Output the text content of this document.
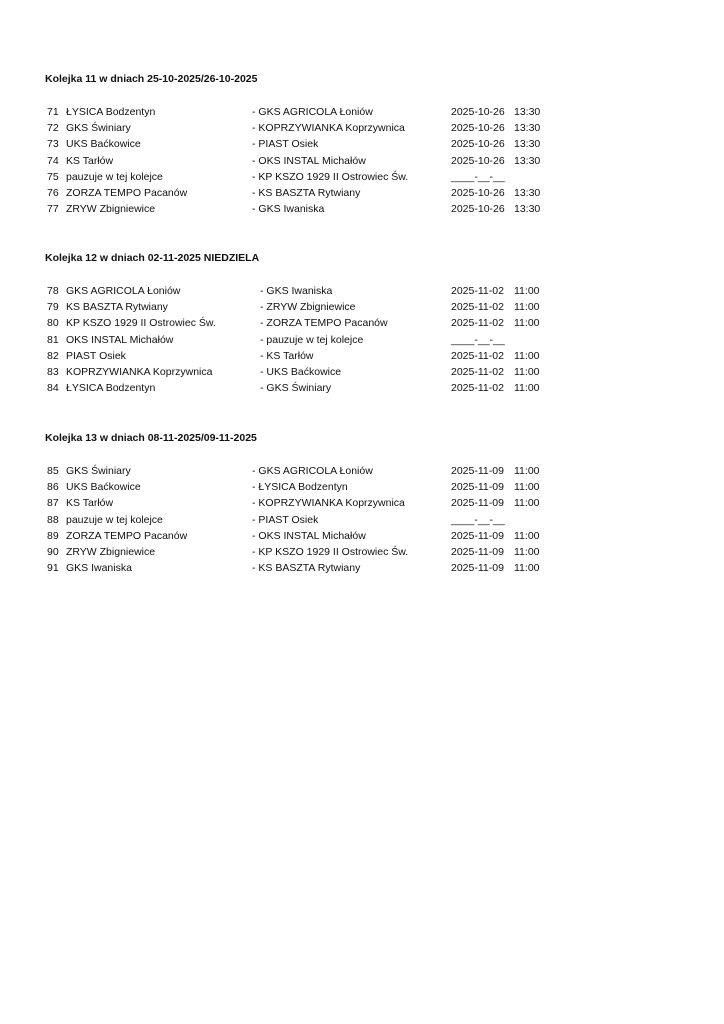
Kolejka 11 w dniach 25-10-2025/26-10-2025
71 ŁYSICA Bodzentyn	- GKS AGRICOLA Łoniów	2025-10-26 13:30
72 GKS Świniary	- KOPRZYWIANKA Koprzywnica	2025-10-26 13:30
73 UKS Baćkowice	- PIAST Osiek	2025-10-26 13:30
74 KS Tarłów	- OKS INSTAL Michałów	2025-10-26 13:30
75 pauzuje w tej kolejce	- KP KSZO 1929 II Ostrowiec Św.	____-__-__
76 ZORZA TEMPO Pacanów	- KS BASZTA Rytwiany	2025-10-26 13:30
77 ZRYW Zbigniewice	- GKS Iwaniska	2025-10-26 13:30
Kolejka 12 w dniach 02-11-2025 NIEDZIELA
78 GKS AGRICOLA Łoniów	- GKS Iwaniska	2025-11-02 11:00
79 KS BASZTA Rytwiany	- ZRYW Zbigniewice	2025-11-02 11:00
80 KP KSZO 1929 II Ostrowiec Św.	- ZORZA TEMPO Pacanów	2025-11-02 11:00
81 OKS INSTAL Michałów	- pauzuje w tej kolejce	____-__-__
82 PIAST Osiek	- KS Tarłów	2025-11-02 11:00
83 KOPRZYWIANKA Koprzywnica	- UKS Baćkowice	2025-11-02 11:00
84 ŁYSICA Bodzentyn	- GKS Świniary	2025-11-02 11:00
Kolejka 13 w dniach 08-11-2025/09-11-2025
85 GKS Świniary	- GKS AGRICOLA Łoniów	2025-11-09 11:00
86 UKS Baćkowice	- ŁYSICA Bodzentyn	2025-11-09 11:00
87 KS Tarłów	- KOPRZYWIANKA Koprzywnica	2025-11-09 11:00
88 pauzuje w tej kolejce	- PIAST Osiek	____-__-__
89 ZORZA TEMPO Pacanów	- OKS INSTAL Michałów	2025-11-09 11:00
90 ZRYW Zbigniewice	- KP KSZO 1929 II Ostrowiec Św.	2025-11-09 11:00
91 GKS Iwaniska	- KS BASZTA Rytwiany	2025-11-09 11:00
